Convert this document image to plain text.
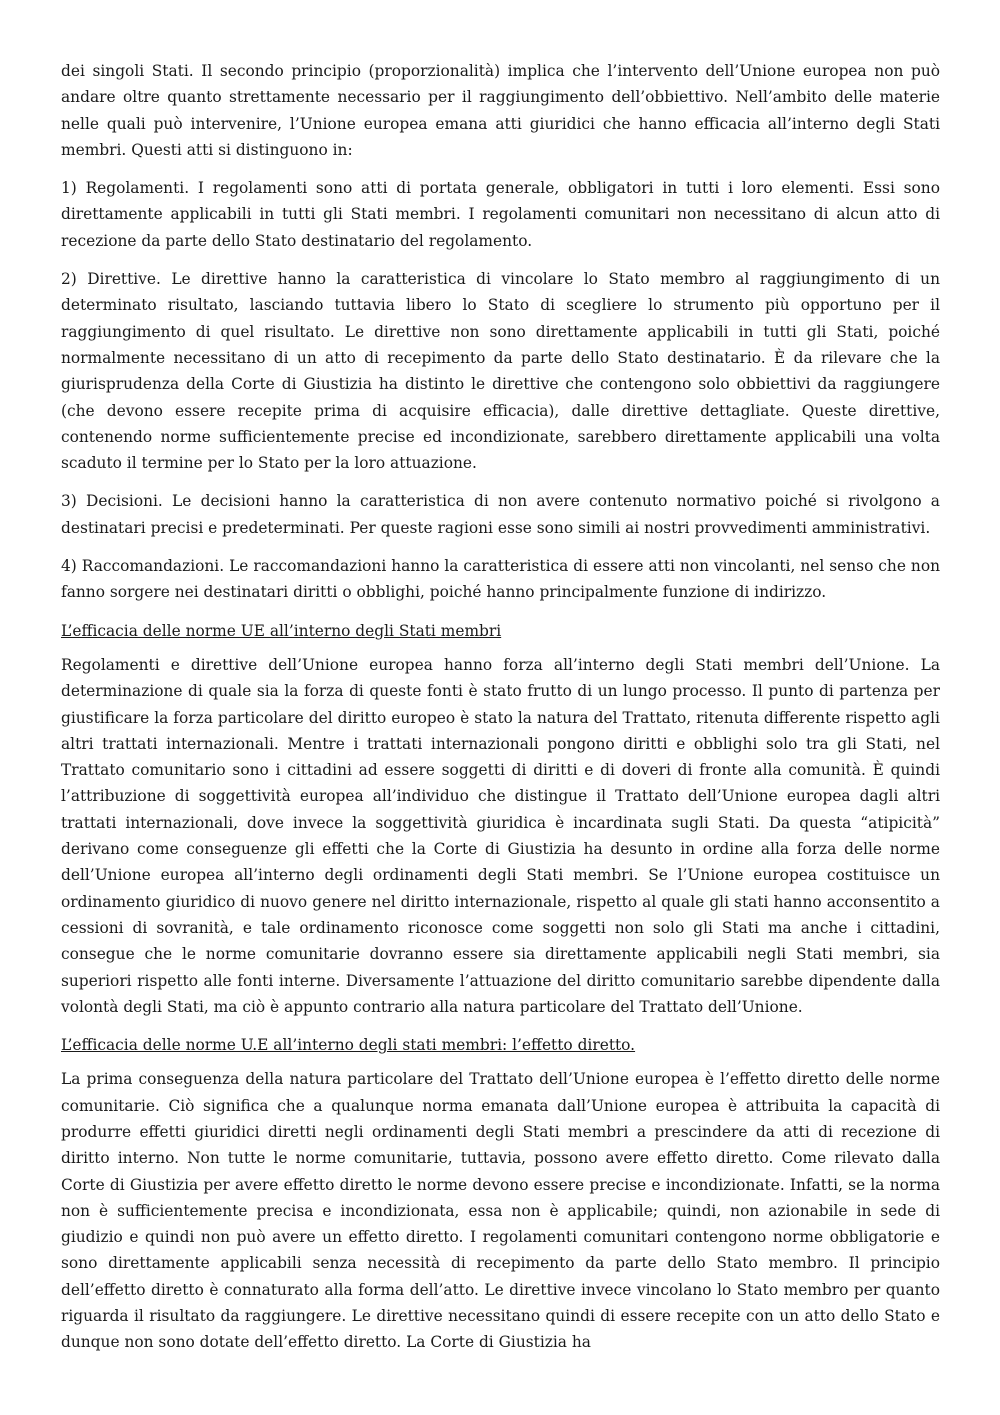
dei singoli Stati. Il secondo principio (proporzionalità) implica che l’intervento dell’Unione europea non può andare oltre quanto strettamente necessario per il raggiungimento dell’obbiettivo. Nell’ambito delle materie nelle quali può intervenire, l’Unione europea emana atti giuridici che hanno efficacia all’interno degli Stati membri. Questi atti si distinguono in:

1) Regolamenti. I regolamenti sono atti di portata generale, obbligatori in tutti i loro elementi. Essi sono direttamente applicabili in tutti gli Stati membri. I regolamenti comunitari non necessitano di alcun atto di recezione da parte dello Stato destinatario del regolamento.

2) Direttive. Le direttive hanno la caratteristica di vincolare lo Stato membro al raggiungimento di un determinato risultato, lasciando tuttavia libero lo Stato di scegliere lo strumento più opportuno per il raggiungimento di quel risultato. Le direttive non sono direttamente applicabili in tutti gli Stati, poiché normalmente necessitano di un atto di recepimento da parte dello Stato destinatario. È da rilevare che la giurisprudenza della Corte di Giustizia ha distinto le direttive che contengono solo obbiettivi da raggiungere (che devono essere recepite prima di acquisire efficacia), dalle direttive dettagliate. Queste direttive, contenendo norme sufficientemente precise ed incondizionate, sarebbero direttamente applicabili una volta scaduto il termine per lo Stato per la loro attuazione.

3) Decisioni. Le decisioni hanno la caratteristica di non avere contenuto normativo poiché si rivolgono a destinatari precisi e predeterminati. Per queste ragioni esse sono simili ai nostri provvedimenti amministrativi.

4) Raccomandazioni. Le raccomandazioni hanno la caratteristica di essere atti non vincolanti, nel senso che non fanno sorgere nei destinatari diritti o obblighi, poiché hanno principalmente funzione di indirizzo.

L’efficacia delle norme UE all’interno degli Stati membri

Regolamenti e direttive dell’Unione europea hanno forza all’interno degli Stati membri dell’Unione. La determinazione di quale sia la forza di queste fonti è stato frutto di un lungo processo. Il punto di partenza per giustificare la forza particolare del diritto europeo è stato la natura del Trattato, ritenuta differente rispetto agli altri trattati internazionali. Mentre i trattati internazionali pongono diritti e obblighi solo tra gli Stati, nel Trattato comunitario sono i cittadini ad essere soggetti di diritti e di doveri di fronte alla comunità. È quindi l’attribuzione di soggettività europea all’individuo che distingue il Trattato dell’Unione europea dagli altri trattati internazionali, dove invece la soggettività giuridica è incardinata sugli Stati. Da questa “atipicità” derivano come conseguenze gli effetti che la Corte di Giustizia ha desunto in ordine alla forza delle norme dell’Unione europea all’interno degli ordinamenti degli Stati membri. Se l’Unione europea costituisce un ordinamento giuridico di nuovo genere nel diritto internazionale, rispetto al quale gli stati hanno acconsentito a cessioni di sovranità, e tale ordinamento riconosce come soggetti non solo gli Stati ma anche i cittadini, consegue che le norme comunitarie dovranno essere sia direttamente applicabili negli Stati membri, sia superiori rispetto alle fonti interne. Diversamente l’attuazione del diritto comunitario sarebbe dipendente dalla volontà degli Stati, ma ciò è appunto contrario alla natura particolare del Trattato dell’Unione.

L’efficacia delle norme U.E all’interno degli stati membri: l’effetto diretto.

La prima conseguenza della natura particolare del Trattato dell’Unione europea è l’effetto diretto delle norme comunitarie. Ciò significa che a qualunque norma emanata dall’Unione europea è attribuita la capacità di produrre effetti giuridici diretti negli ordinamenti degli Stati membri a prescindere da atti di recezione di diritto interno. Non tutte le norme comunitarie, tuttavia, possono avere effetto diretto. Come rilevato dalla Corte di Giustizia per avere effetto diretto le norme devono essere precise e incondizionate. Infatti, se la norma non è sufficientemente precisa e incondizionata, essa non è applicabile; quindi, non azionabile in sede di giudizio e quindi non può avere un effetto diretto. I regolamenti comunitari contengono norme obbligatorie e sono direttamente applicabili senza necessità di recepimento da parte dello Stato membro. Il principio dell’effetto diretto è connaturato alla forma dell’atto. Le direttive invece vincolano lo Stato membro per quanto riguarda il risultato da raggiungere. Le direttive necessitano quindi di essere recepite con un atto dello Stato e dunque non sono dotate dell’effetto diretto. La Corte di Giustizia ha
